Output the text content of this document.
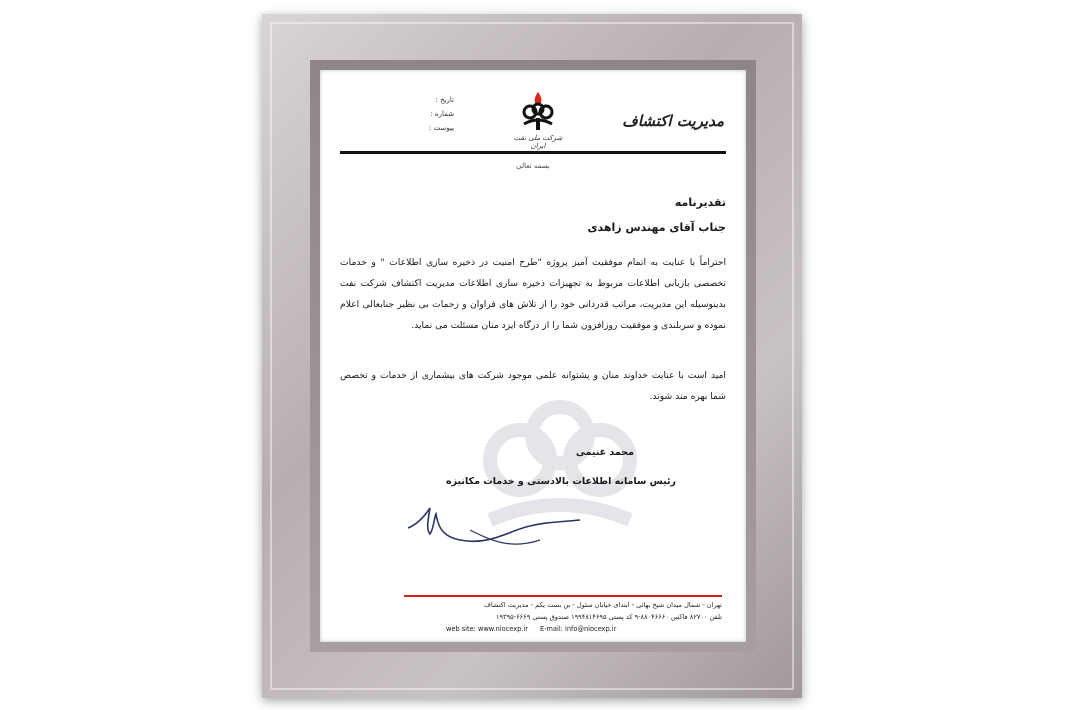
مدیریت اکتشاف
شرکت ملی نفت ایران
تاریخ :
شماره :
پیوست :
بسمه تعالی
تقدیرنامه
جناب آقای مهندس زاهدی
احتراماً با عنایت به اتمام موفقیت آمیز پروژه "طرح امنیت در ذخیره سازی اطلاعات " و خدمات تخصصی بازیابی اطلاعات مربوط به تجهیزات ذخیره سازی اطلاعات مدیریت اکتشاف شرکت نفت بدینوسیله این مدیریت، مراتب قدردانی خود را از تلاش های فراوان و زحمات بی نظیر جنابعالی اعلام نموده و سربلندی و موفقیت روزافزون شما را از درگاه ایزد منان مسئلت می نماید.
امید است با عنایت خداوند منان و پشتوانه علمی موجود شرکت های بیشماری از خدمات و تخصص شما بهره مند شوند.
محمد غنیمی
رئیس سامانه اطلاعات بالادستی و خدمات مکانیزه
تهران - شمال میدان شیخ بهائی - ابتدای خیابان سئول - بن بست یکم - مدیریت اکتشاف
تلفن ۸۲۷۰۰ فاکس ۸۸۰۴۶۶۶۰-۹ کد پستی ۱۹۹۴۸۱۴۶۹۵ صندوق پستی ۶۶۶۹-۱۹۳۹۵
web site: www.niocexp.ir E-mail: info@niocexp.ir
